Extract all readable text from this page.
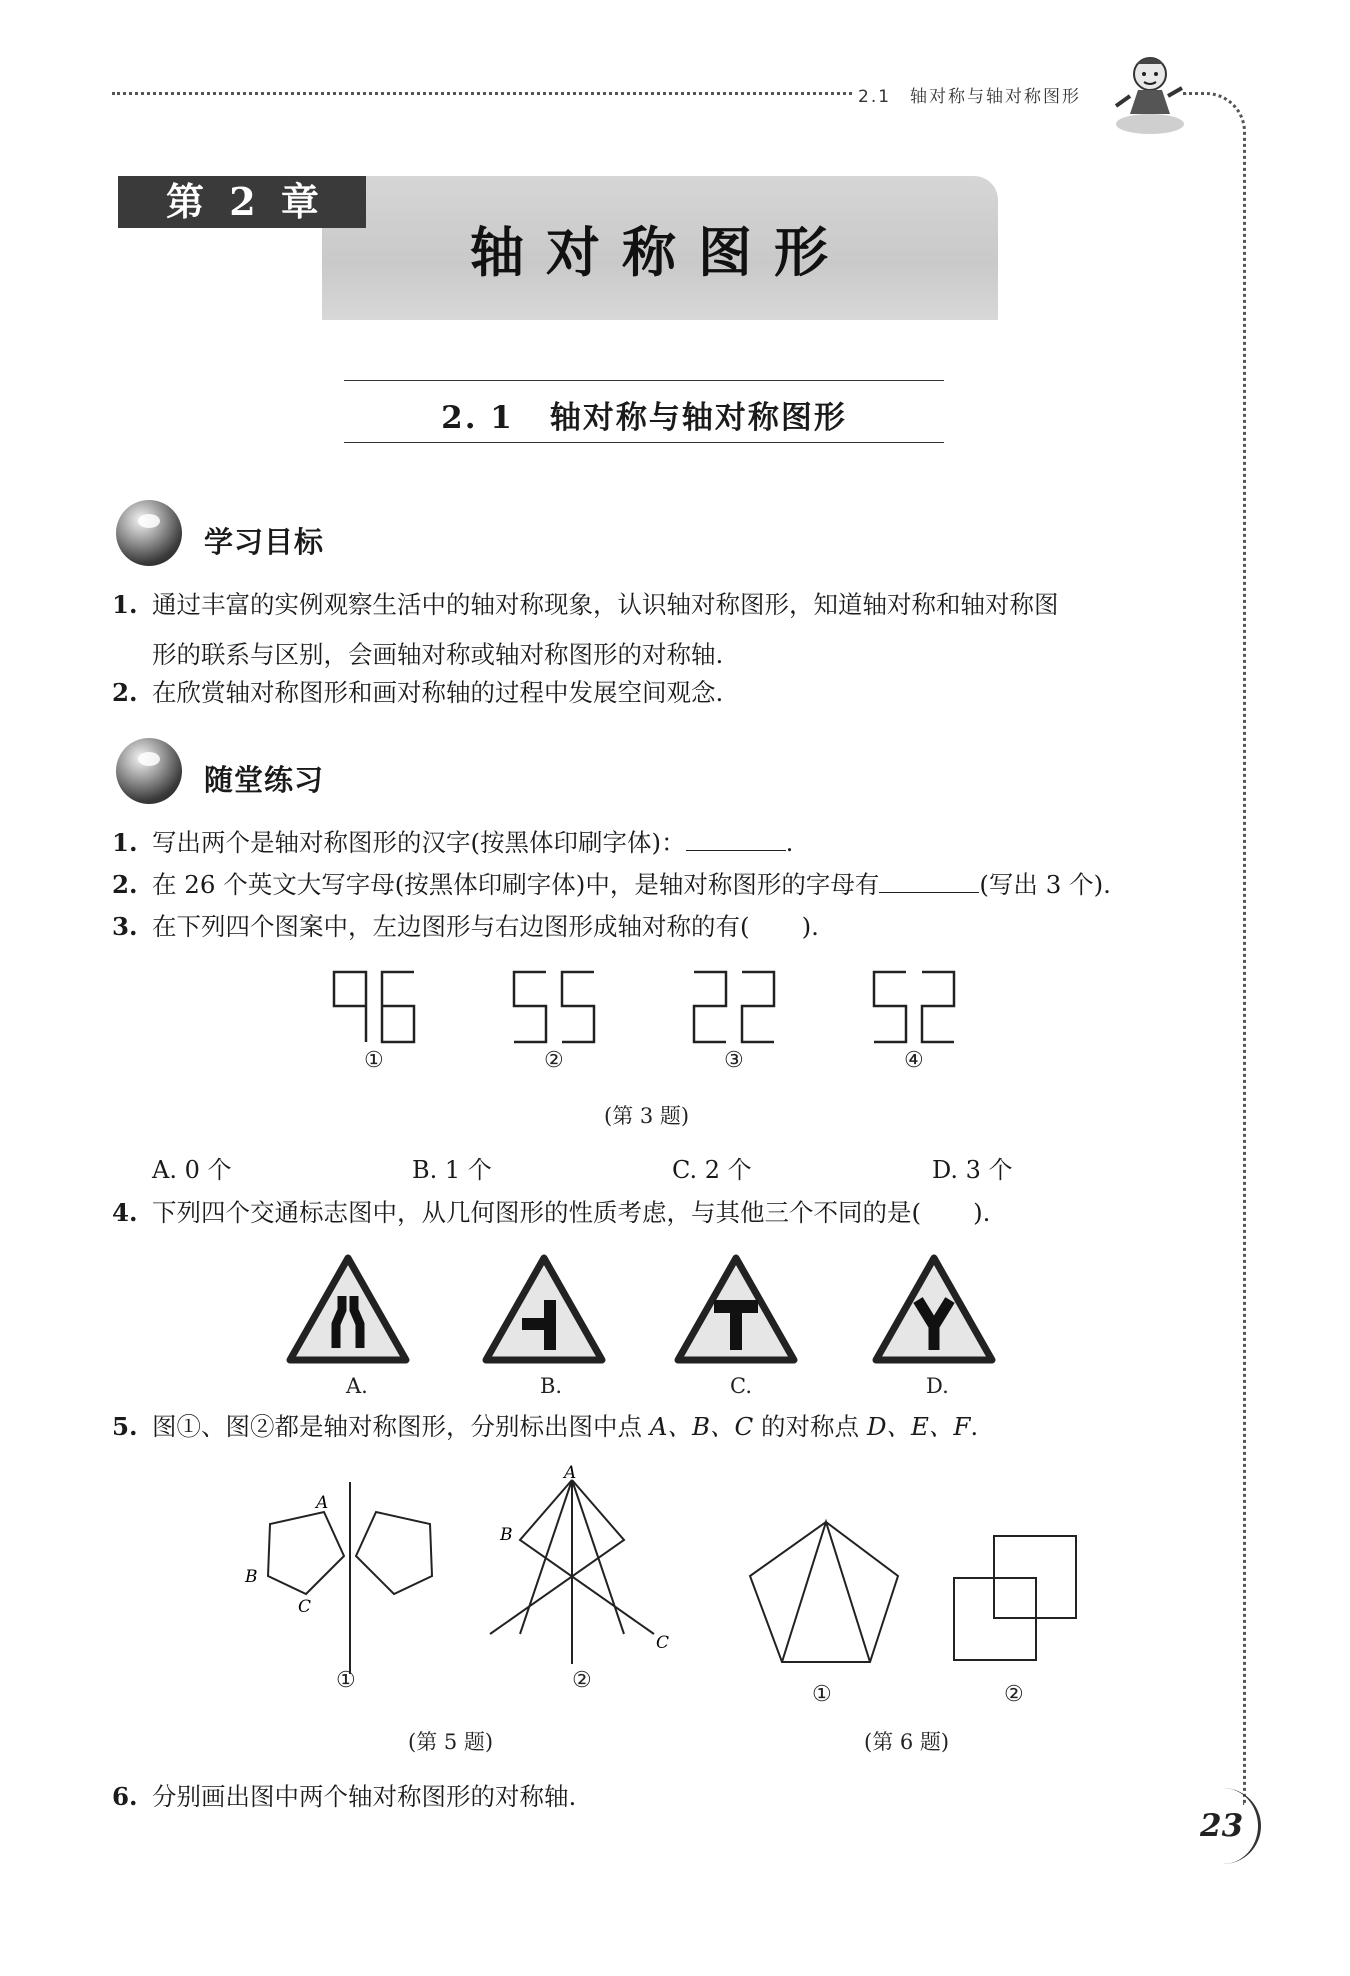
2.1　轴对称与轴对称图形
第 2 章
轴对称图形
2. 1 轴对称与轴对称图形
学习目标
1. 通过丰富的实例观察生活中的轴对称现象，认识轴对称图形，知道轴对称和轴对称图
形的联系与区别，会画轴对称或轴对称图形的对称轴.
2. 在欣赏轴对称图形和画对称轴的过程中发展空间观念.
随堂练习
1. 写出两个是轴对称图形的汉字(按黑体印刷字体)：	.
2. 在 26 个英文大写字母(按黑体印刷字体)中，是轴对称图形的字母有	(写出 3 个).
3. 在下列四个图案中，左边图形与右边图形成轴对称的有( ).
①	②	③	④
(第 3 题)
A. 0 个	B. 1 个	C. 2 个	D. 3 个
4. 下列四个交通标志图中，从几何图形的性质考虑，与其他三个不同的是( ).
A.	B.	C.	D.
5. 图①、图②都是轴对称图形，分别标出图中点 A、B、C 的对称点 D、E、F.
A
B
C
①
A
B
C
②
(第 5 题)
①	②
(第 6 题)
6. 分别画出图中两个轴对称图形的对称轴.
23
